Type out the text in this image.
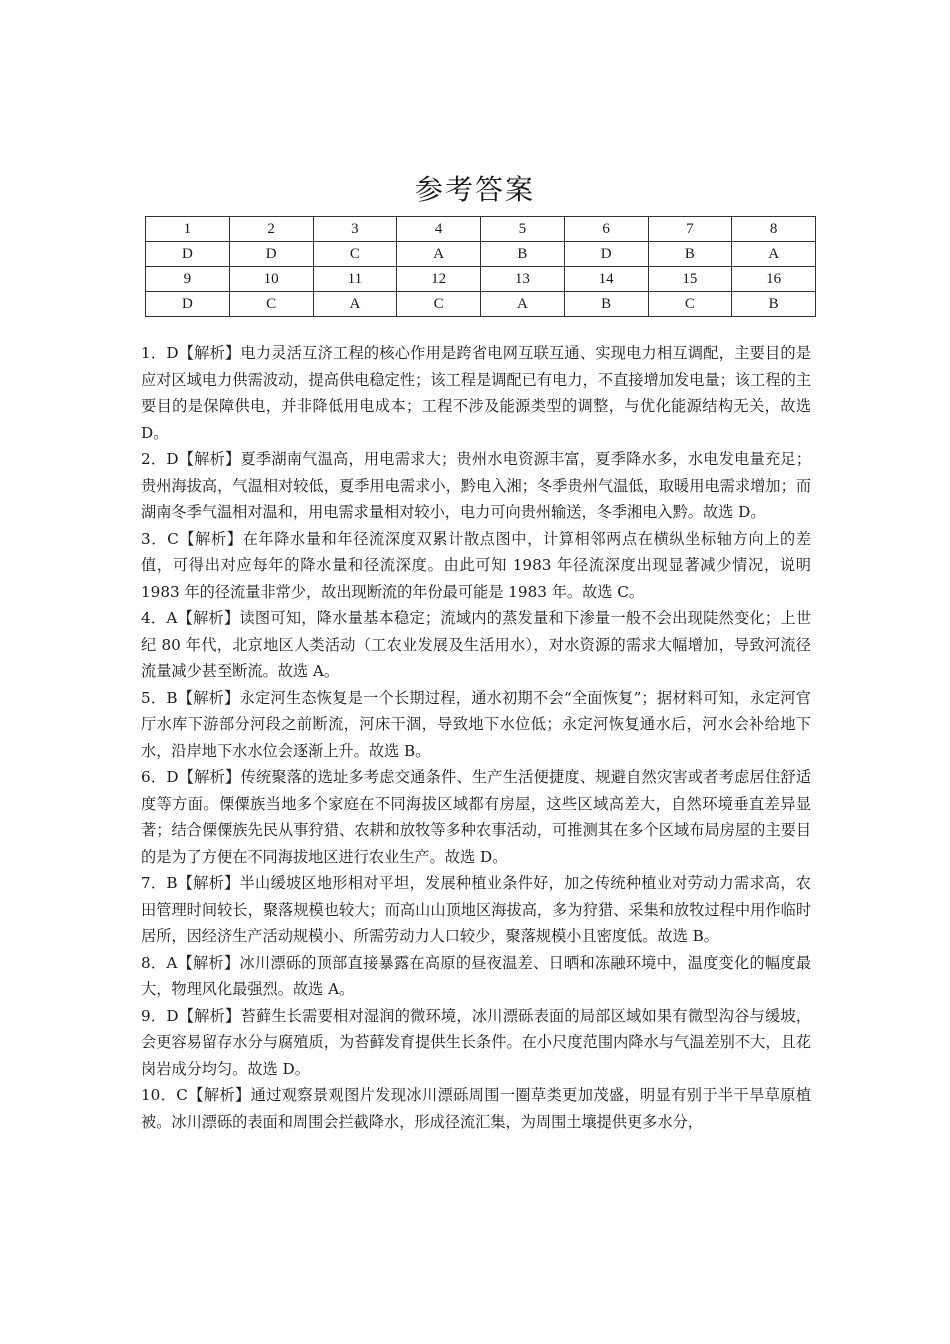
参考答案
1	2	3	4	5	6	7	8
D	D	C	A	B	D	B	A
9	10	11	12	13	14	15	16
D	C	A	C	A	B	C	B

1．D【解析】电力灵活互济工程的核心作用是跨省电网互联互通、实现电力相互调配，主要目的是应对区域电力供需波动，提高供电稳定性；该工程是调配已有电力，不直接增加发电量；该工程的主要目的是保障供电，并非降低用电成本；工程不涉及能源类型的调整，与优化能源结构无关，故选 D。

2．D【解析】夏季湖南气温高，用电需求大；贵州水电资源丰富，夏季降水多，水电发电量充足；贵州海拔高，气温相对较低，夏季用电需求小，黔电入湘；冬季贵州气温低，取暖用电需求增加；而湖南冬季气温相对温和，用电需求量相对较小，电力可向贵州输送，冬季湘电入黔。故选 D。

3．C【解析】在年降水量和年径流深度双累计散点图中，计算相邻两点在横纵坐标轴方向上的差值，可得出对应每年的降水量和径流深度。由此可知 1983 年径流深度出现显著减少情况，说明 1983 年的径流量非常少，故出现断流的年份最可能是 1983 年。故选 C。

4．A【解析】读图可知，降水量基本稳定；流域内的蒸发量和下渗量一般不会出现陡然变化；上世纪 80 年代，北京地区人类活动（工农业发展及生活用水），对水资源的需求大幅增加，导致河流径流量减少甚至断流。故选 A。

5．B【解析】永定河生态恢复是一个长期过程，通水初期不会“全面恢复”；据材料可知，永定河官厅水库下游部分河段之前断流，河床干涸，导致地下水位低；永定河恢复通水后，河水会补给地下水，沿岸地下水水位会逐渐上升。故选 B。

6．D【解析】传统聚落的选址多考虑交通条件、生产生活便捷度、规避自然灾害或者考虑居住舒适度等方面。傈僳族当地多个家庭在不同海拔区域都有房屋，这些区域高差大，自然环境垂直差异显著；结合傈僳族先民从事狩猎、农耕和放牧等多种农事活动，可推测其在多个区域布局房屋的主要目的是为了方便在不同海拔地区进行农业生产。故选 D。

7．B【解析】半山缓坡区地形相对平坦，发展种植业条件好，加之传统种植业对劳动力需求高，农田管理时间较长，聚落规模也较大；而高山山顶地区海拔高，多为狩猎、采集和放牧过程中用作临时居所，因经济生产活动规模小、所需劳动力人口较少，聚落规模小且密度低。故选 B。

8．A【解析】冰川漂砾的顶部直接暴露在高原的昼夜温差、日晒和冻融环境中，温度变化的幅度最大，物理风化最强烈。故选 A。

9．D【解析】苔藓生长需要相对湿润的微环境，冰川漂砾表面的局部区域如果有微型沟谷与缓坡，会更容易留存水分与腐殖质，为苔藓发育提供生长条件。在小尺度范围内降水与气温差别不大，且花岗岩成分均匀。故选 D。

10．C【解析】通过观察景观图片发现冰川漂砾周围一圈草类更加茂盛，明显有别于半干旱草原植被。冰川漂砾的表面和周围会拦截降水，形成径流汇集，为周围土壤提供更多水分，
